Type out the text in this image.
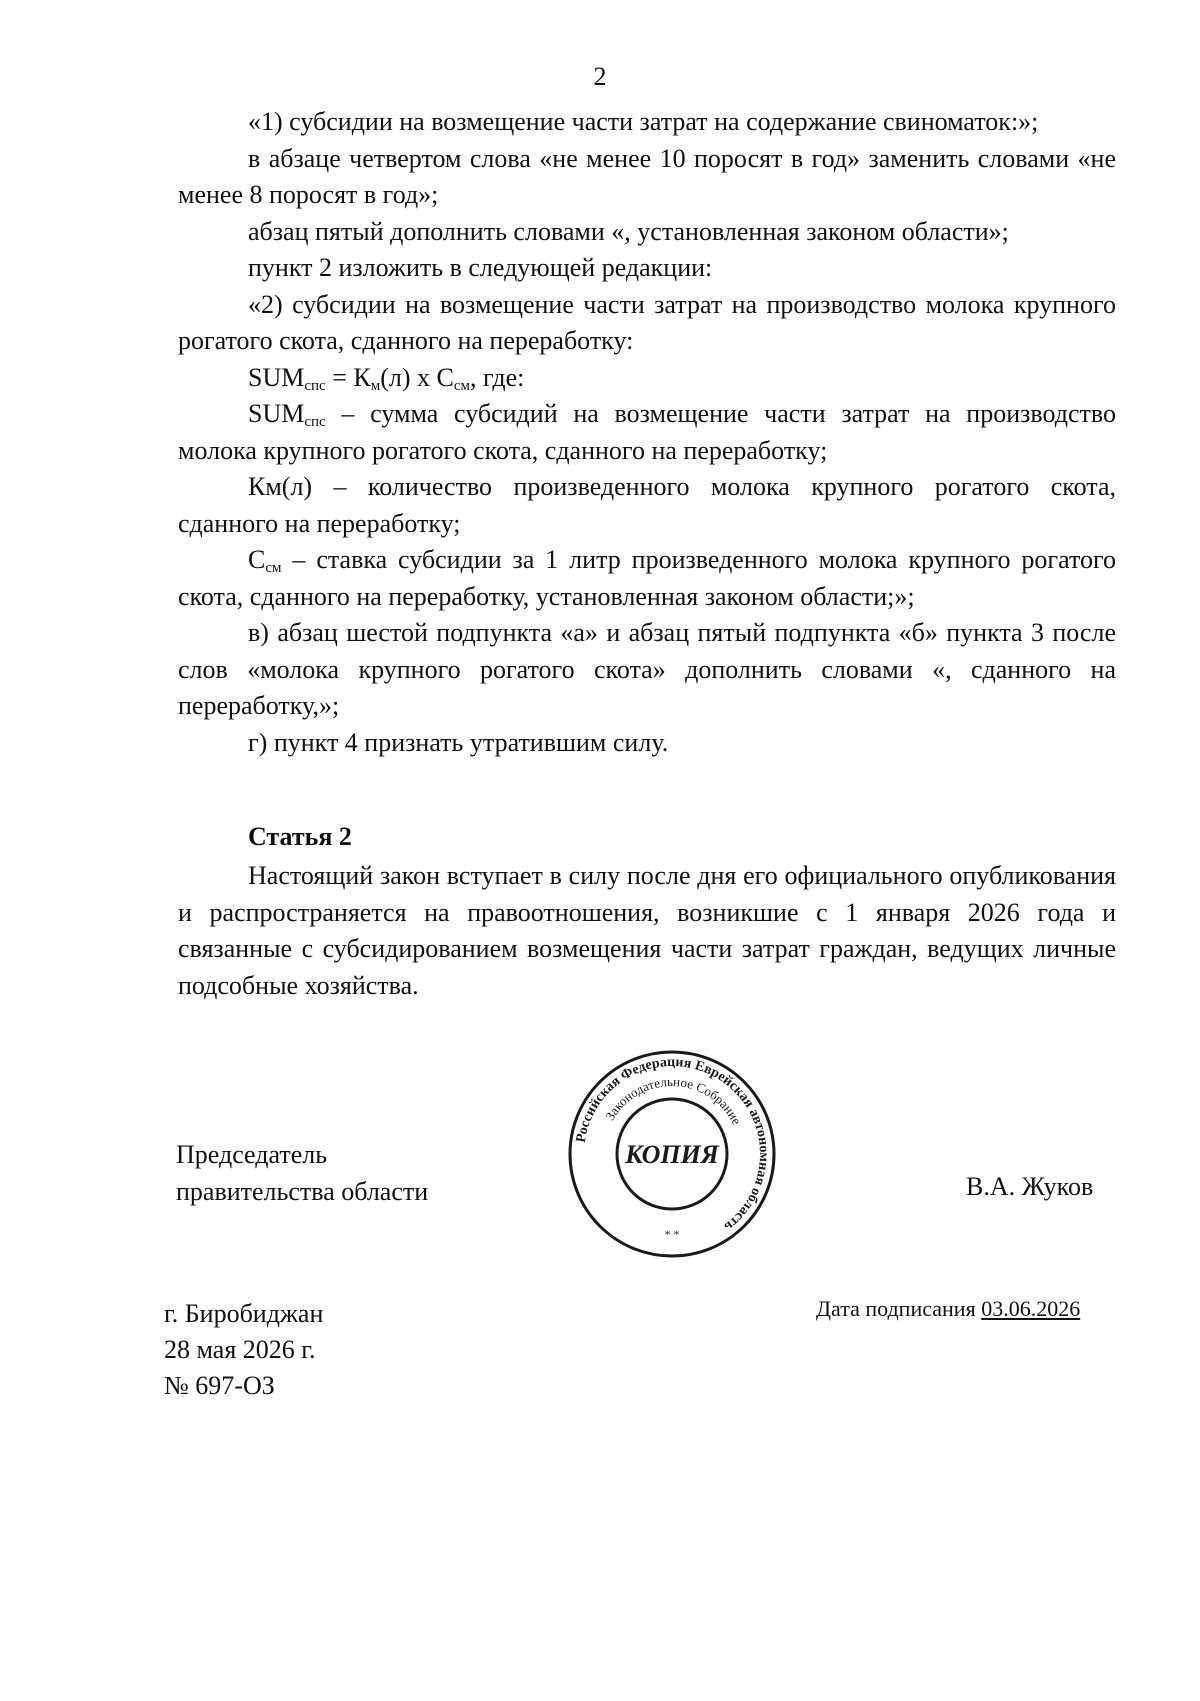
2

«1) субсидии на возмещение части затрат на содержание свиноматок:»;

в абзаце четвертом слова «не менее 10 поросят в год» заменить словами «не менее 8 поросят в год»;

абзац пятый дополнить словами «, установленная законом области»;

пункт 2 изложить в следующей редакции:

«2) субсидии на возмещение части затрат на производство молока крупного рогатого скота, сданного на переработку:

$SUM_{спс} = К_м(л)$ х $С_{см}$, где:

$SUM_{спс}$ – сумма субсидий на возмещение части затрат на производство молока крупного рогатого скота, сданного на переработку;

Км(л) – количество произведенного молока крупного рогатого скота, сданного на переработку;

$С_{см}$ – ставка субсидии за 1 литр произведенного молока крупного рогатого скота, сданного на переработку, установленная законом области;»;

в) абзац шестой подпункта «а» и абзац пятый подпункта «б» пункта 3 после слов «молока крупного рогатого скота» дополнить словами «, сданного на переработку,»;

г) пункт 4 признать утратившим силу.

Статья 2

Настоящий закон вступает в силу после дня его официального опубликования и распространяется на правоотношения, возникшие с 1 января 2026 года и связанные с субсидированием возмещения части затрат граждан, ведущих личные подсобные хозяйства.

Председатель
правительства области
Российская Федерация Еврейская автономная область
Законодательное Собрание
КОПИЯ
* *
В.А. Жуков
г. Биробиджан
28 мая 2026 г.
№ 697-ОЗ
Дата подписания 03.06.2026
